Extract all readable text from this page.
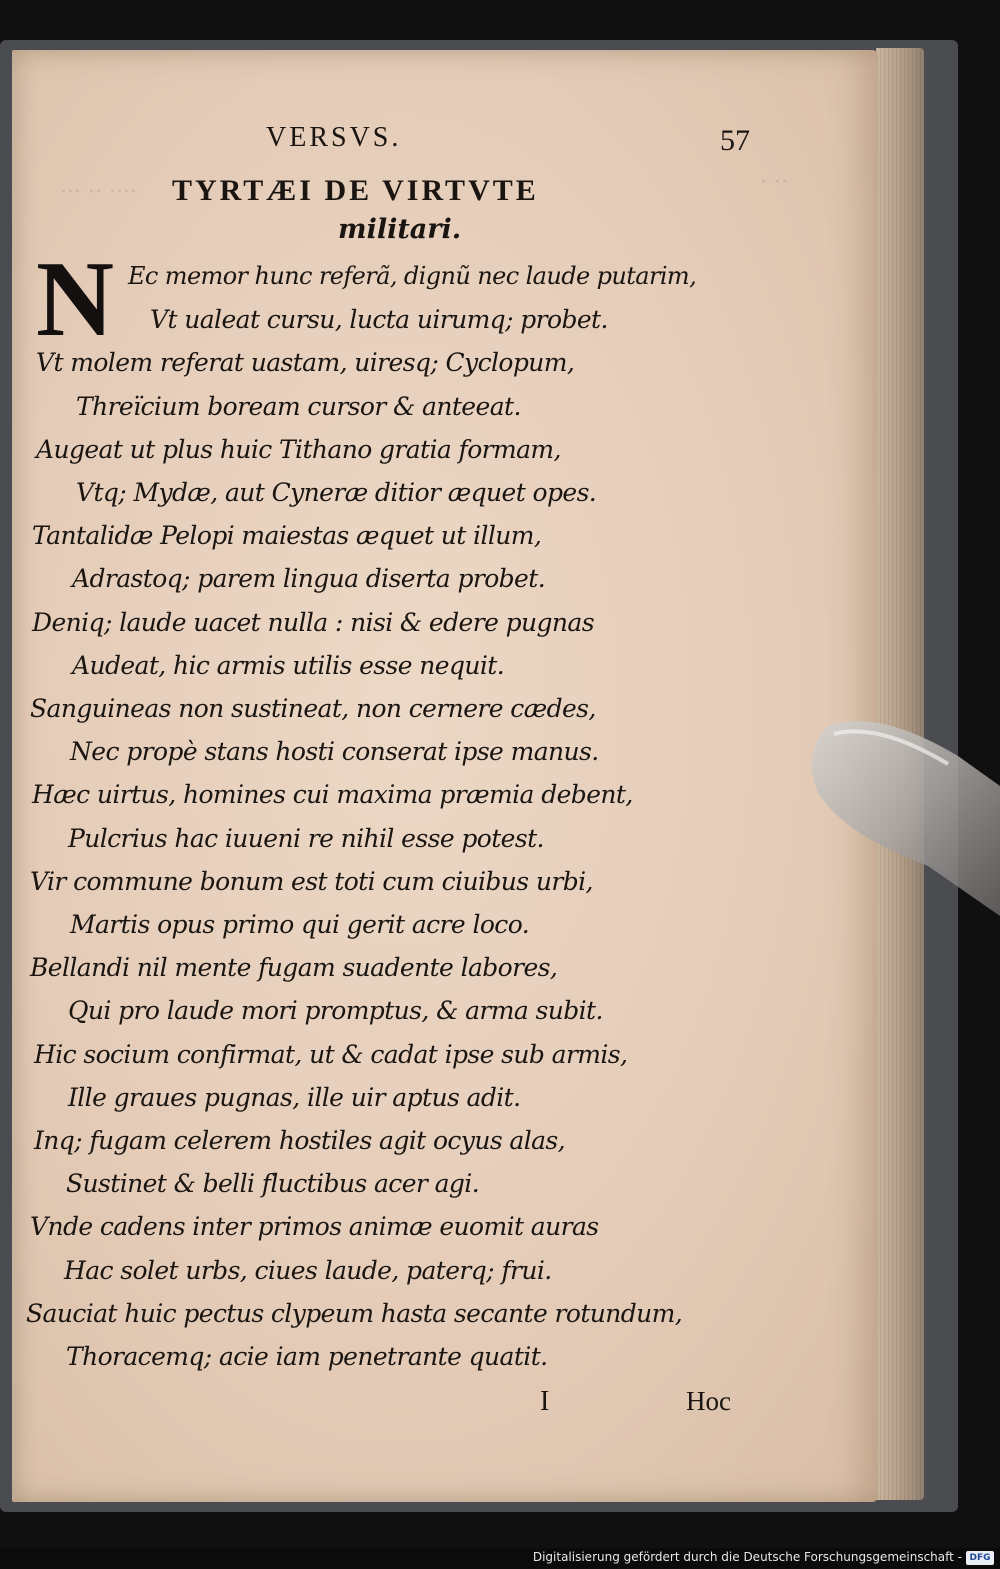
··· ·· ····	· ··
VERSVS.	57
TYRTÆI DE VIRTVTE
militari.
N Ec memor hunc referã, dignũ nec laude putarim,
Vt ualeat cursu, lucta uirumq; probet.
Vt molem referat uastam, uiresq; Cyclopum,
Threïcium boream cursor & anteeat.
Augeat ut plus huic Tithano gratia formam,
Vtq; Mydæ, aut Cyneræ ditior æquet opes.
Tantalidæ Pelopi maiestas æquet ut illum,
Adrastoq; parem lingua diserta probet.
Deniq; laude uacet nulla : nisi & edere pugnas
Audeat, hic armis utilis esse nequit.
Sanguineas non sustineat, non cernere cædes,
Nec propè stans hosti conserat ipse manus.
Hæc uirtus, homines cui maxima præmia debent,
Pulcrius hac iuueni re nihil esse potest.
Vir commune bonum est toti cum ciuibus urbi,
Martis opus primo qui gerit acre loco.
Bellandi nil mente fugam suadente labores,
Qui pro laude mori promptus, & arma subit.
Hic socium confirmat, ut & cadat ipse sub armis,
Ille graues pugnas, ille uir aptus adit.
Inq; fugam celerem hostiles agit ocyus alas,
Sustinet & belli fluctibus acer agi.
Vnde cadens inter primos animæ euomit auras
Hac solet urbs, ciues laude, paterq; frui.
Sauciat huic pectus clypeum hasta secante rotundum,
Thoracemq; acie iam penetrante quatit.
I	Hoc
Digitalisierung gefördert durch die Deutsche Forschungsgemeinschaft - DFG
